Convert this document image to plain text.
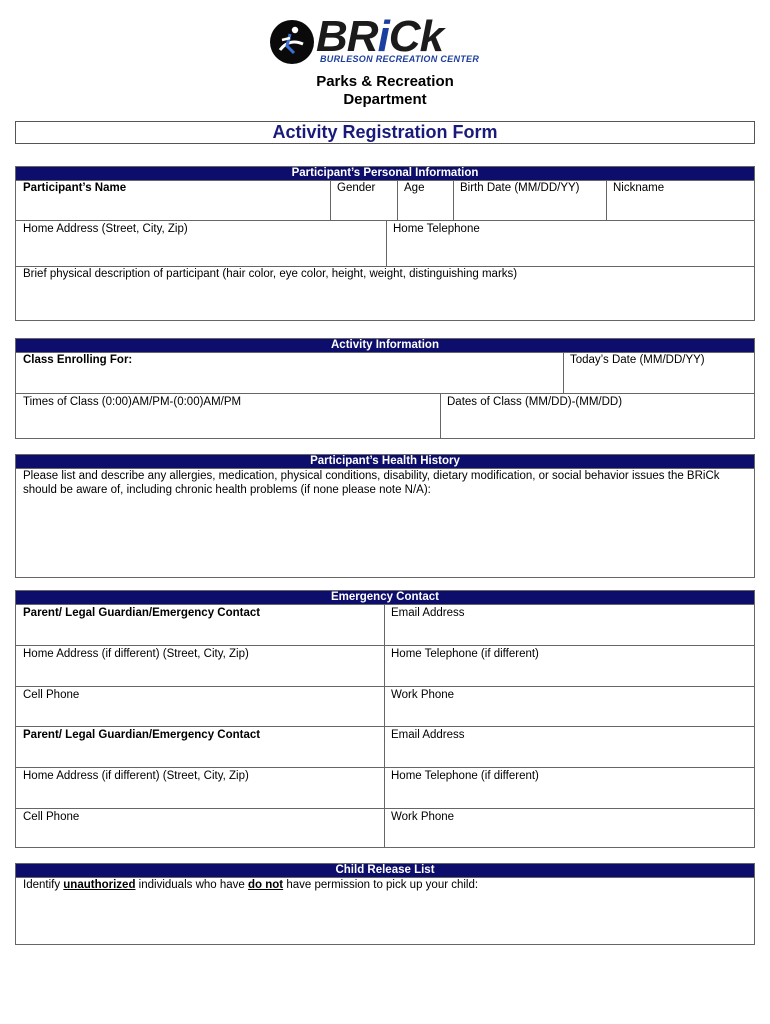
BRiCk
BURLESON RECREATION CENTER
Parks & Recreation
Department
Activity Registration Form
Participant’s Personal Information
Participant’s Name	Gender	Age	Birth Date (MM/DD/YY)	Nickname
Home Address (Street, City, Zip)	Home Telephone
Brief physical description of participant (hair color, eye color, height, weight, distinguishing marks)
Activity Information
Class Enrolling For:	Today’s Date (MM/DD/YY)
Times of Class (0:00)AM/PM-(0:00)AM/PM	Dates of Class (MM/DD)-(MM/DD)
Participant’s Health History
Please list and describe any allergies, medication, physical conditions, disability, dietary modification, or social behavior issues the BRiCk should be aware of, including chronic health problems (if none please note N/A):
Emergency Contact
Parent/ Legal Guardian/Emergency Contact	Email Address
Home Address (if different) (Street, City, Zip)	Home Telephone (if different)
Cell Phone	Work Phone
Parent/ Legal Guardian/Emergency Contact	Email Address
Home Address (if different) (Street, City, Zip)	Home Telephone (if different)
Cell Phone	Work Phone
Child Release List
Identify unauthorized individuals who have do not have permission to pick up your child:
